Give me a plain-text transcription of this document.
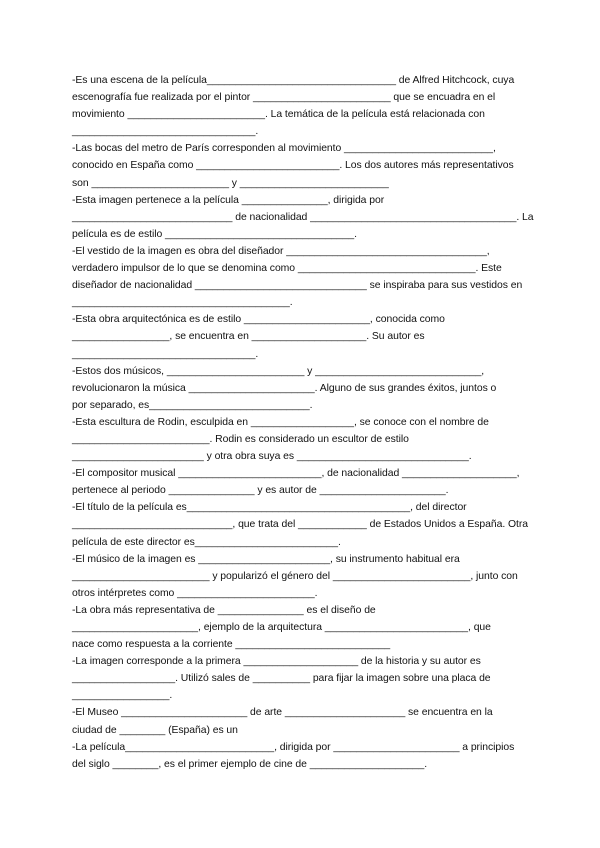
-Es una escena de la película_________________________________ de Alfred Hitchcock, cuya
escenografía fue realizada por el pintor ________________________ que se encuadra en el
movimiento ________________________. La temática de la película está relacionada con
________________________________.
-Las bocas del metro de París corresponden al movimiento __________________________,
conocido en España como _________________________. Los dos autores más representativos
son ________________________ y __________________________
-Esta imagen pertenece a la película _______________, dirigida por
____________________________ de nacionalidad ____________________________________. La
película es de estilo _________________________________.
-El vestido de la imagen es obra del diseñador ___________________________________,
verdadero impulsor de lo que se denomina como _______________________________. Este
diseñador de nacionalidad ______________________________ se inspiraba para sus vestidos en
______________________________________.
-Esta obra arquitectónica es de estilo ______________________, conocida como
_________________, se encuentra en ____________________. Su autor es
________________________________.
-Estos dos músicos, ________________________ y _____________________________,
revolucionaron la música ______________________. Alguno de sus grandes éxitos, juntos o
por separado, es____________________________.
-Esta escultura de Rodin, esculpida en __________________, se conoce con el nombre de
________________________. Rodin es considerado un escultor de estilo
_______________________ y otra obra suya es ______________________________.
-El compositor musical _________________________, de nacionalidad ____________________,
pertenece al periodo _______________ y es autor de ______________________.
-El título de la película es_______________________________________, del director
____________________________, que trata del ____________ de Estados Unidos a España. Otra
película de este director es_________________________.
-El músico de la imagen es _______________________, su instrumento habitual era
________________________ y popularizó el género del ________________________, junto con
otros intérpretes como ________________________.
-La obra más representativa de _______________ es el diseño de
______________________, ejemplo de la arquitectura _________________________, que
nace como respuesta a la corriente ___________________________
-La imagen corresponde a la primera ____________________ de la historia y su autor es
__________________. Utilizó sales de __________ para fijar la imagen sobre una placa de
_________________.
-El Museo ______________________ de arte _____________________ se encuentra en la
ciudad de ________ (España) es un
-La película__________________________, dirigida por ______________________ a principios
del siglo ________, es el primer ejemplo de cine de ____________________.
